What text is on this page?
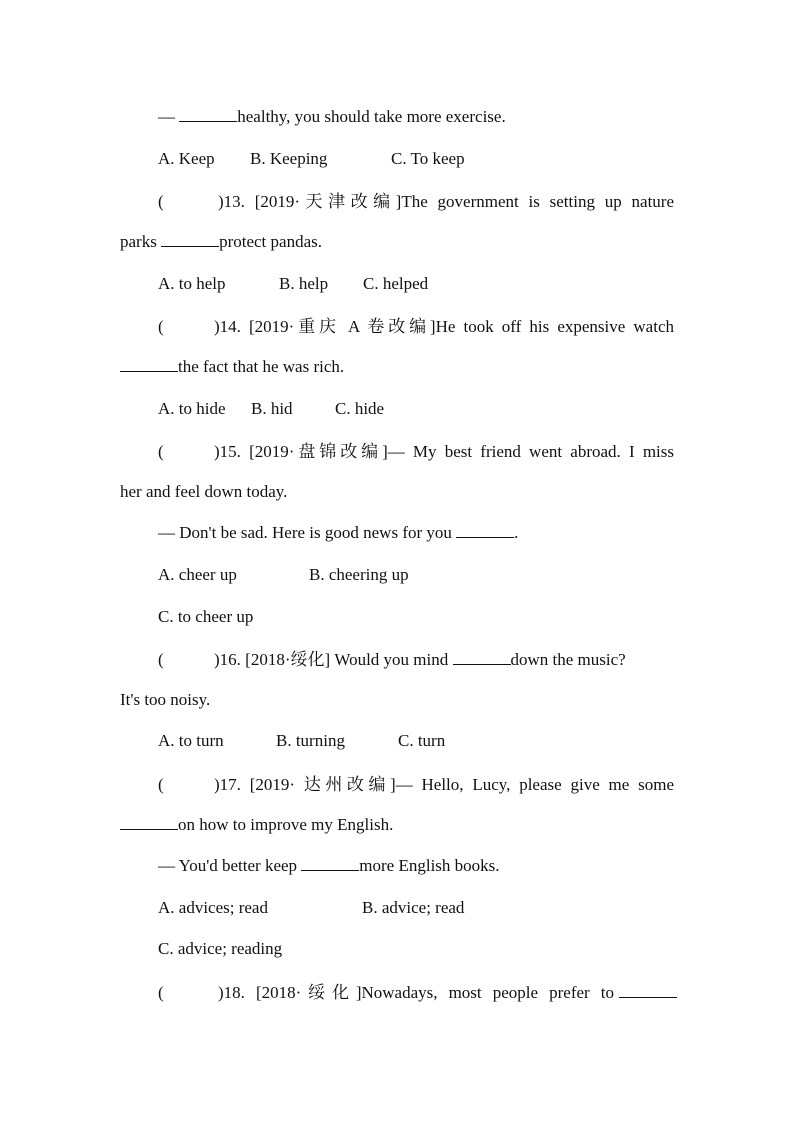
—	healthy, you should take more exercise.
A. Keep B. Keeping	C. To keep
(	)13. [2019·天津改编]The government is setting up nature
parks	protect pandas.
A. to help	B. help C. helped
(	)14. [2019·重庆 A 卷改编]He took off his expensive watch
the fact that he was rich.
A. to hide B. hid C. hide
(	)15. [2019·盘锦改编]— My best friend went abroad. I miss
her and feel down today.
— Don't be sad. Here is good news for you	.
A. cheer up	B. cheering up
C. to cheer up
(	)16. [2018·绥化] Would you mind	down the music?
It's too noisy.
A. to turn	B. turning	C. turn
(	)17. [2019· 达州改编]— Hello, Lucy, please give me some
on how to improve my English.
— You'd better keep	more English books.
A. advices; read	B. advice; read
C. advice; reading
(	)18. [2018·绥化]Nowadays, most people prefer to
